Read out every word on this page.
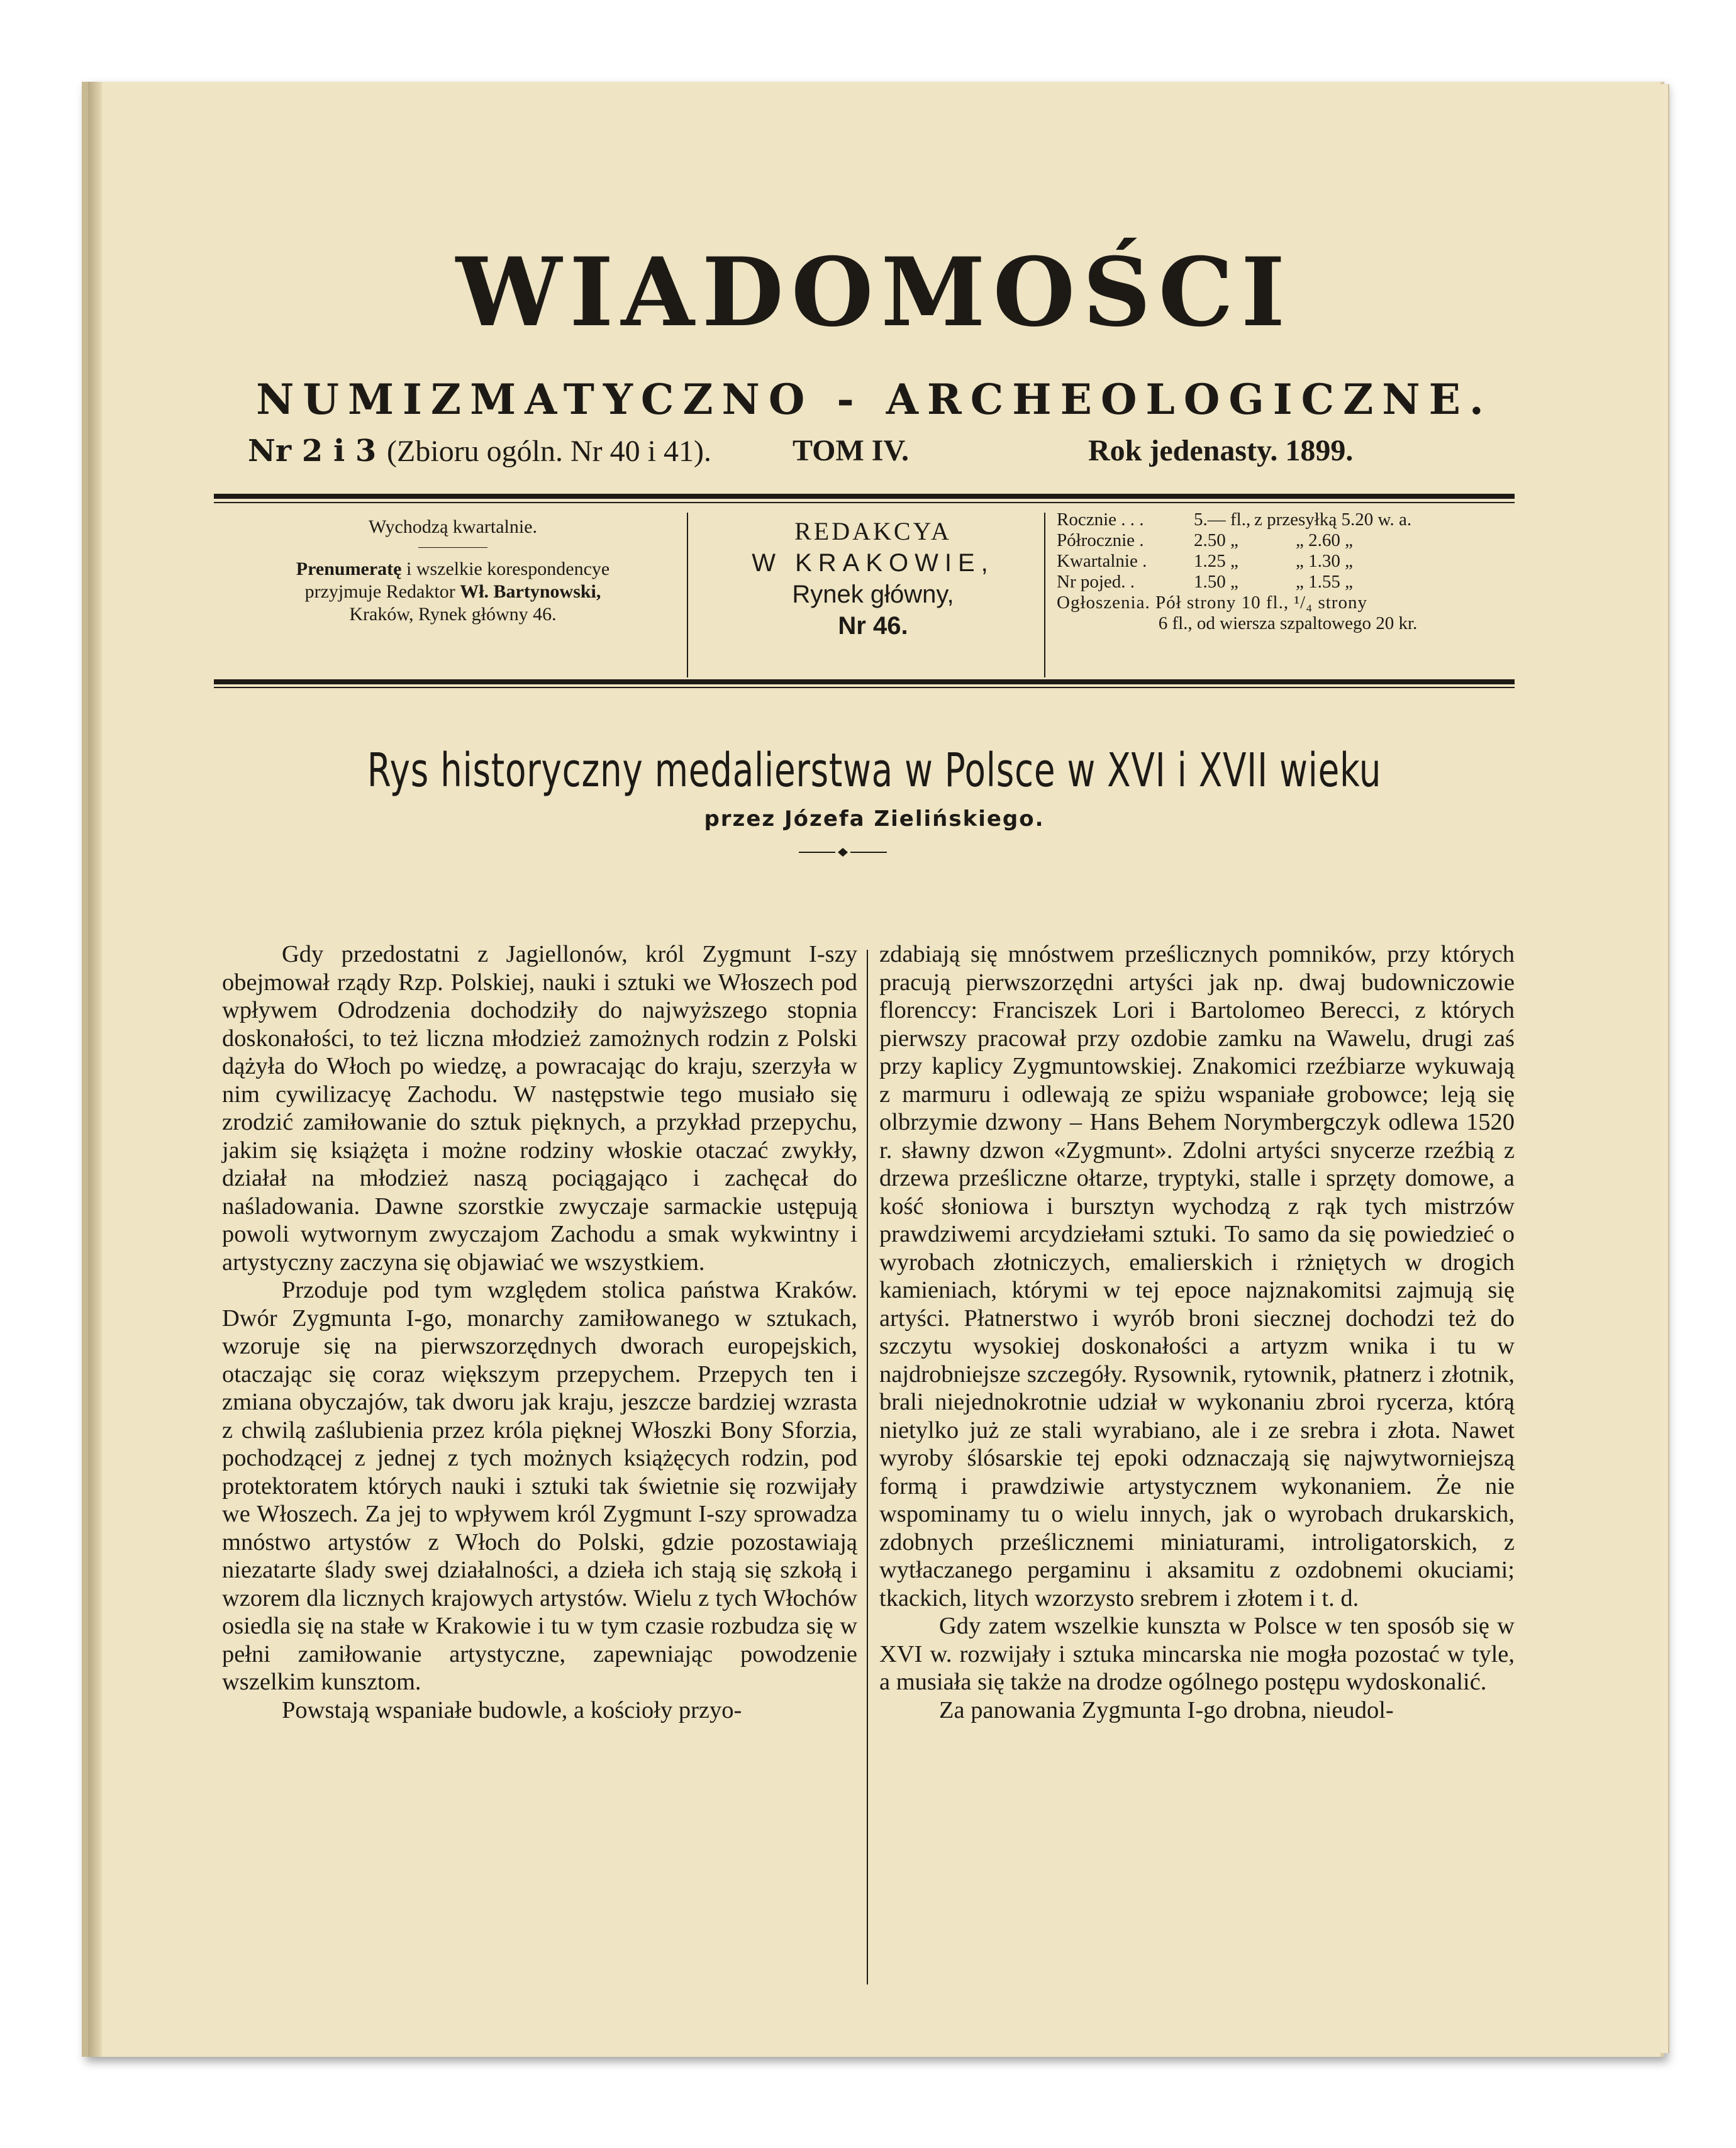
WIADOMOŚCI
NUMIZMATYCZNO - ARCHEOLOGICZNE.
Nr 2 i 3 (Zbioru ogóln. Nr 40 i 41).	TOM IV.	Rok jedenasty. 1899.
Wychodzą kwartalnie.
Prenumeratę i wszelkie korespondencye
przyjmuje Redaktor Wł. Bartynowski,
Kraków, Rynek główny 46.
REDAKCYA
W KRAKOWIE,
Rynek główny,
Nr 46.
Rocznie . . .	5.— fl., z przesyłką 5.20 w. a.
Półrocznie .	2.50 „	„ 2.60 „
Kwartalnie .	1.25 „	„ 1.30 „
Nr pojed. .	1.50 „	„ 1.55 „
Ogłoszenia. Pół strony 10 fl., ¹/₄ strony
6 fl., od wiersza szpaltowego 20 kr.
Rys historyczny medalierstwa w Polsce w XVI i XVII wieku
przez Józefa Zielińskiego.

Gdy przedostatni z Jagiellonów, król Zygmunt I-szy obejmował rządy Rzp. Polskiej, nauki i sztuki we Włoszech pod wpływem Odrodzenia dochodziły do najwyższego stopnia doskonałości, to też liczna młodzież zamożnych rodzin z Polski dążyła do Włoch po wiedzę, a powracając do kraju, szerzyła w nim cywilizacyę Zachodu. W następstwie tego musiało się zrodzić zamiłowanie do sztuk pięknych, a przykład przepychu, jakim się książęta i możne rodziny włoskie otaczać zwykły, działał na młodzież naszą pociągająco i zachęcał do naśladowania. Dawne szorstkie zwyczaje sarmackie ustępują powoli wytwornym zwyczajom Zachodu a smak wykwintny i artystyczny zaczyna się objawiać we wszystkiem.

Przoduje pod tym względem stolica państwa Kraków. Dwór Zygmunta I-go, monarchy zamiłowanego w sztukach, wzoruje się na pierwszorzędnych dworach europejskich, otaczając się coraz większym przepychem. Przepych ten i zmiana obyczajów, tak dworu jak kraju, jeszcze bardziej wzrasta z chwilą zaślubienia przez króla pięknej Włoszki Bony Sforzia, pochodzącej z jednej z tych możnych książęcych rodzin, pod protektoratem których nauki i sztuki tak świetnie się rozwijały we Włoszech. Za jej to wpływem król Zygmunt I-szy sprowadza mnóstwo artystów z Włoch do Polski, gdzie pozostawiają niezatarte ślady swej działalności, a dzieła ich stają się szkołą i wzorem dla licznych krajowych artystów. Wielu z tych Włochów osiedla się na stałe w Krakowie i tu w tym czasie rozbudza się w pełni zamiłowanie artystyczne, zapewniając powodzenie wszelkim kunsztom.

Powstają wspaniałe budowle, a kościoły przyo-

zdabiają się mnóstwem prześlicznych pomników, przy których pracują pierwszorzędni artyści jak np. dwaj budowniczowie florenccy: Franciszek Lori i Bartolomeo Berecci, z których pierwszy pracował przy ozdobie zamku na Wawelu, drugi zaś przy kaplicy Zygmuntowskiej. Znakomici rzeźbiarze wykuwają z marmuru i odlewają ze spiżu wspaniałe grobowce; leją się olbrzymie dzwony – Hans Behem Norymbergczyk odlewa 1520 r. sławny dzwon «Zygmunt». Zdolni artyści snycerze rzeźbią z drzewa prześliczne ołtarze, tryptyki, stalle i sprzęty domowe, a kość słoniowa i bursztyn wychodzą z rąk tych mistrzów prawdziwemi arcydziełami sztuki. To samo da się powiedzieć o wyrobach złotniczych, emalierskich i rżniętych w drogich kamieniach, którymi w tej epoce najznakomitsi zajmują się artyści. Płatnerstwo i wyrób broni siecznej dochodzi też do szczytu wysokiej doskonałości a artyzm wnika i tu w najdrobniejsze szczegóły. Rysownik, rytownik, płatnerz i złotnik, brali niejednokrotnie udział w wykonaniu zbroi rycerza, którą nietylko już ze stali wyrabiano, ale i ze srebra i złota. Nawet wyroby ślósarskie tej epoki odznaczają się najwytworniejszą formą i prawdziwie artystycznem wykonaniem. Że nie wspominamy tu o wielu innych, jak o wyrobach drukarskich, zdobnych prześlicznemi miniaturami, introligatorskich, z wytłaczanego pergaminu i aksamitu z ozdobnemi okuciami; tkackich, litych wzorzysto srebrem i złotem i t. d.

Gdy zatem wszelkie kunszta w Polsce w ten sposób się w XVI w. rozwijały i sztuka mincarska nie mogła pozostać w tyle, a musiała się także na drodze ogólnego postępu wydoskonalić.

Za panowania Zygmunta I-go drobna, nieudol-
